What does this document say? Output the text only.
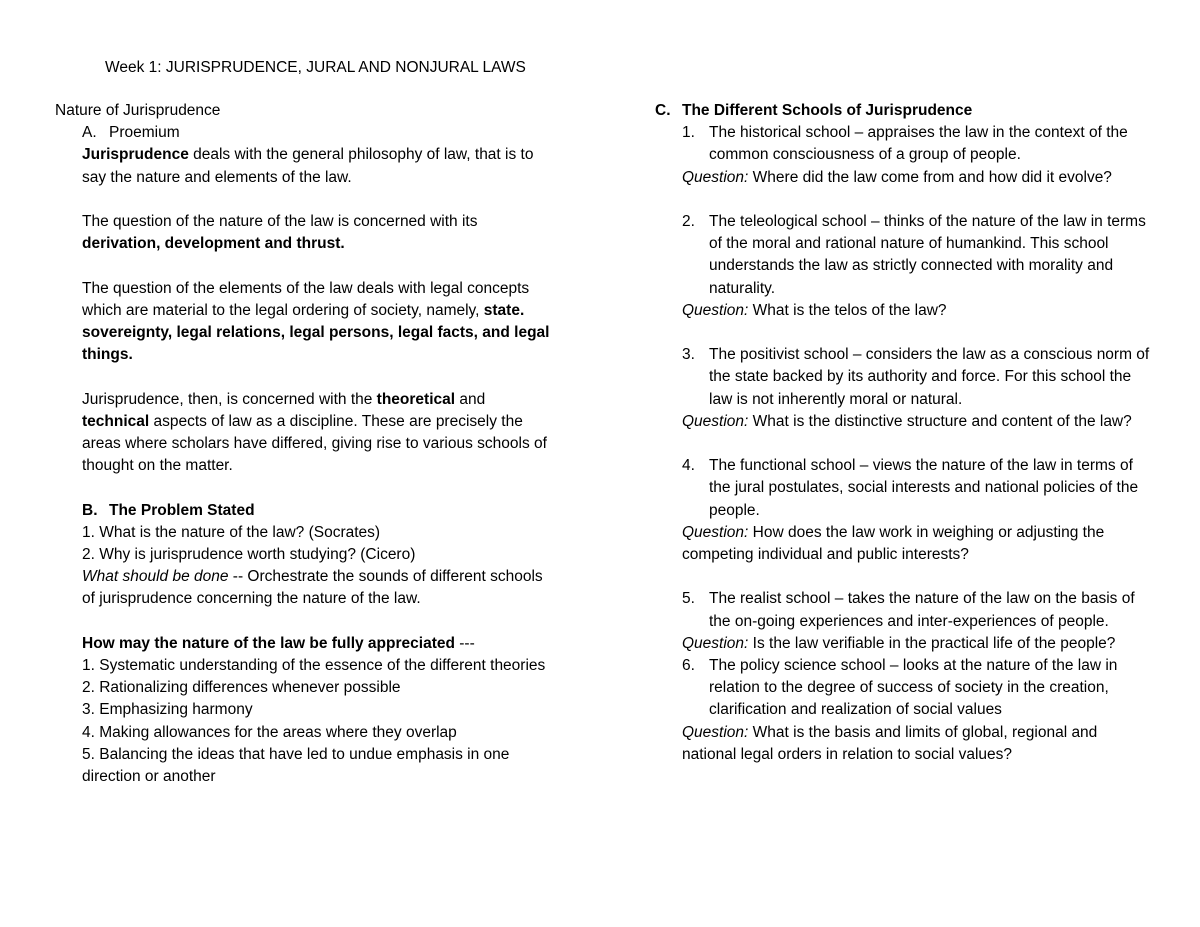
Week 1: JURISPRUDENCE, JURAL AND NONJURAL LAWS
Nature of Jurisprudence
A. Proemium
Jurisprudence deals with the general philosophy of law, that is to say the nature and elements of the law.
The question of the nature of the law is concerned with its derivation, development and thrust.
The question of the elements of the law deals with legal concepts which are material to the legal ordering of society, namely, state. sovereignty, legal relations, legal persons, legal facts, and legal things.
Jurisprudence, then, is concerned with the theoretical and technical aspects of law as a discipline. These are precisely the areas where scholars have differed, giving rise to various schools of thought on the matter.
B. The Problem Stated
1. What is the nature of the law? (Socrates)
2. Why is jurisprudence worth studying? (Cicero)
What should be done -- Orchestrate the sounds of different schools of jurisprudence concerning the nature of the law.
How may the nature of the law be fully appreciated ---
1. Systematic understanding of the essence of the different theories
2. Rationalizing differences whenever possible
3. Emphasizing harmony
4. Making allowances for the areas where they overlap
5. Balancing the ideas that have led to undue emphasis in one direction or another
C. The Different Schools of Jurisprudence
1. The historical school – appraises the law in the context of the common consciousness of a group of people.
Question: Where did the law come from and how did it evolve?
2. The teleological school – thinks of the nature of the law in terms of the moral and rational nature of humankind. This school understands the law as strictly connected with morality and naturality.
Question: What is the telos of the law?
3. The positivist school – considers the law as a conscious norm of the state backed by its authority and force. For this school the law is not inherently moral or natural.
Question: What is the distinctive structure and content of the law?
4. The functional school – views the nature of the law in terms of the jural postulates, social interests and national policies of the people.
Question: How does the law work in weighing or adjusting the competing individual and public interests?
5. The realist school – takes the nature of the law on the basis of the on-going experiences and inter-experiences of people.
Question: Is the law verifiable in the practical life of the people?
6. The policy science school – looks at the nature of the law in relation to the degree of success of society in the creation, clarification and realization of social values
Question: What is the basis and limits of global, regional and national legal orders in relation to social values?
